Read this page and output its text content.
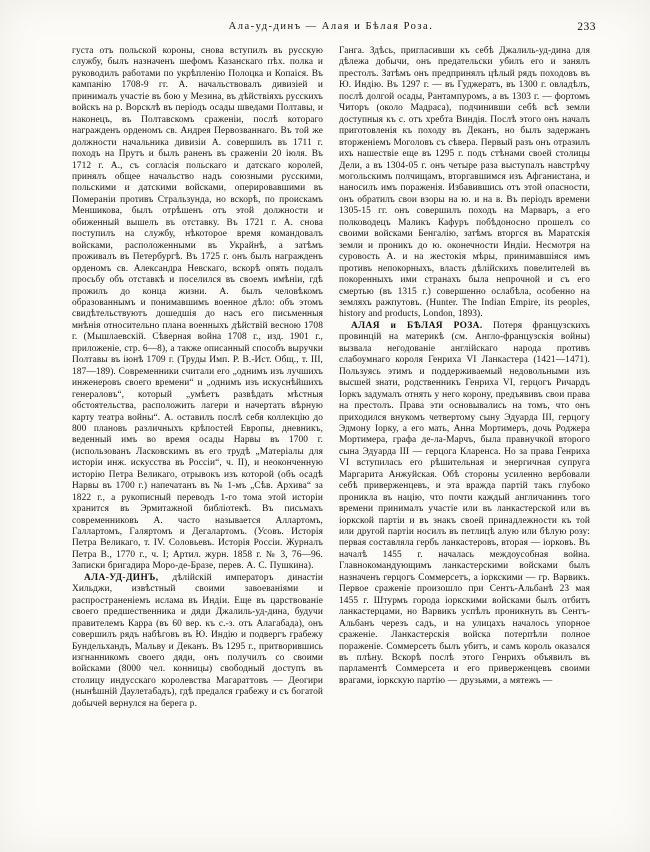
Ала-уд-динъ — Алая и Бѣлая Роза.	233

густа отъ польской короны, снова вступилъ въ русскую службу, былъ назначенъ шефомъ Казанскаго пѣх. полка и руководилъ работами по укрѣпленію Полоцка и Копаіся. Въ кампанію 1708-9 гг. А. начальствовалъ дивизіей и принималъ участіе въ бою у Мезина, въ дѣйствіяхъ русскихъ войскъ на р. Ворсклѣ въ періодъ осады шведами Полтавы, и наконецъ, въ Полтавскомъ сраженіи, послѣ котораго награжденъ орденомъ св. Андрея Первозваннаго. Въ той же должности начальника дивизіи А. совершилъ въ 1711 г. походъ на Прутъ и былъ раненъ въ сраженіи 20 іюля. Въ 1712 г. А., съ согласія польскаго и датскаго королей, принялъ общее начальство надъ союзными русскими, польскими и датскими войсками, оперировавшими въ Помераніи противъ Стральзунда, но вскорѣ, по проискамъ Меншикова, былъ отрѣшенъ отъ этой должности и обиженный вышелъ въ отставку. Въ 1721 г. А. снова поступилъ на службу, нѣкоторое время командовалъ войсками, расположенными въ Украйнѣ, а затѣмъ проживалъ въ Петербургѣ. Въ 1725 г. онъ былъ награжденъ орденомъ св. Александра Невскаго, вскорѣ опять подалъ просьбу объ отставкѣ и поселился въ своемъ имѣніи, гдѣ прожилъ до конца жизни. А. былъ человѣкомъ образованнымъ и понимавшимъ военное дѣло: объ этомъ свидѣтельствуютъ дошедшія до насъ его письменныя мнѣнія относительно плана военныхъ дѣйствій весною 1708 г. (Мышлаевскій. Сѣверная война 1708 г., изд. 1901 г., приложеніе, стр. 6—8), а также описанный способъ выручки Полтавы въ іюнѣ 1709 г. (Труды Имп. Р. В.-Ист. Общ., т. III, 187—189). Современники считали его „однимъ изъ лучшихъ инженеровъ своего времени“ и „однимъ изъ искуснѣйшихъ генераловъ“, который „умѣетъ развѣдать мѣстныя обстоятельства, расположить лагери и начертать вѣрную карту театра войны“. А. оставилъ послѣ себя коллекцію до 800 плановъ различныхъ крѣпостей Европы, дневникъ, веденный имъ во время осады Нарвы въ 1700 г. (использованъ Ласковскимъ въ его трудѣ „Матеріалы для исторіи инж. искусства въ Россіи“, ч. II), и неоконченную исторію Петра Великаго, отрывокъ изъ которой (объ осадѣ Нарвы въ 1700 г.) напечатанъ въ № 1-мъ „Сѣв. Архива“ за 1822 г., а рукописный переводъ 1-го тома этой исторіи хранится въ Эрмитажной библіотекѣ. Въ письмахъ современниковъ А. часто называется Аллартомъ, Галлартомъ, Галяртомъ и Дегалартомъ. (Усовъ. Исторія Петра Великаго, т. IV. Соловьевъ. Исторія Россіи. Журналъ Петра В., 1770 г., ч. I; Артил. журн. 1858 г. № 3, 76—96. Записки бригадира Моро-де-Бразе, перев. А. С. Пушкина).

АЛА-УД-ДИНЪ, дѣлійскій императоръ династіи Хильджи, извѣстный своими завоеваніями и распространеніемъ ислама въ Индіи. Еще въ царствованіе своего предшественника и дяди Джалиль-уд-дина, будучи правителемъ Карра (въ 60 вер. къ с.-з. отъ Алагабада), онъ совершилъ рядъ набѣговъ въ Ю. Индію и подвергъ грабежу Бундельхандъ, Мальву и Деканъ. Въ 1295 г., притворившись изгнанникомъ своего дяди, онъ получилъ со своими войсками (8000 чел. конницы) свободный доступъ въ столицу индусскаго королевства Магараттовъ — Деогири (нынѣшній Даулетабадъ), гдѣ предался грабежу и съ богатой добычей вернулся на берега р.

Ганга. Здѣсь, пригласивши къ себѣ Джалиль-уд-дина для дѣлежа добычи, онъ предательски убилъ его и занялъ престолъ. Затѣмъ онъ предпринялъ цѣлый рядъ походовъ въ Ю. Индію. Въ 1297 г. — въ Гуджератъ, въ 1300 г. овладѣлъ, послѣ долгой осады, Рантампуромъ, а въ 1303 г. — фортомъ Читоръ (около Мадраса), подчинивши себѣ всѣ земли доступныя къ с. отъ хребта Виндія. Послѣ этого онъ началъ приготовленія къ походу въ Деканъ, но былъ задержанъ вторженіемъ Моголовъ съ сѣвера. Первый разъ онъ отразилъ ихъ нашествіе еще въ 1295 г. подъ стѣнами своей столицы Дели, а въ 1304-05 г. онъ четыре раза выступалъ навстрѣчу могольскимъ полчищамъ, вторгавшимся изъ Афганистана, и наносилъ имъ пораженія. Избавившись отъ этой опасности, онъ обратилъ свои взоры на ю. и на в. Въ періодъ времени 1305-15 гг. онъ совершилъ походъ на Марваръ, а его полководецъ Маликъ Кафуръ побѣдоносно прошелъ со своими войсками Бенгалію, затѣмъ вторгся въ Маратскія земли и проникъ до ю. оконечности Индіи. Несмотря на суровость А. и на жестокія мѣры, принимавшіяся имъ противъ непокорныхъ, власть дѣлійскихъ повелителей въ покоренныхъ ими странахъ была непрочной и съ его смертью (въ 1315 г.) совершенно ослабѣла, особенно на земляхъ ражпутовъ. (Hunter. The Indian Empire, its peoples, history and products, London, 1893).

АЛАЯ и БѢЛАЯ РОЗА. Потеря французскихъ провинцій на материкѣ (см. Англо-французскія войны) вызвала негодованіе англійскаго народа противъ слабоумнаго короля Генриха VI Ланкастера (1421—1471). Пользуясь этимъ и поддерживаемый недовольными изъ высшей знати, родственникъ Генриха VI, герцогъ Ричардъ Іоркъ задумалъ отнять у него корону, предъявивъ свои права на престолъ. Права эти основывались на томъ, что онъ приходился внукомъ четвертому сыну Эдуарда III, герцогу Эдмону Іорку, а его мать, Анна Мортимеръ, дочь Роджера Мортимера, графа де-ла-Марчъ, была правнучкой второго сына Эдуарда III — герцога Кларенса. Но за права Генриха VI вступилась его рѣшительная и энергичная супруга Маргарита Анжуйская. Обѣ стороны усиленно вербовали себѣ приверженцевъ, и эта вражда партій такъ глубоко проникла въ націю, что почти каждый англичанинъ того времени принималъ участіе или въ ланкастерской или въ іоркской партіи и въ знакъ своей принадлежности къ той или другой партіи носилъ въ петлицѣ алую или бѣлую розу: первая составляла гербъ ланкастеровъ, вторая — іорковъ. Въ началѣ 1455 г. началась междоусобная война. Главнокомандующимъ ланкастерскими войсками былъ назначенъ герцогъ Соммерсетъ, а іоркскими — гр. Варвикъ. Первое сраженіе произошло при Сентъ-Альбанѣ 23 мая 1455 г. Штурмъ города іоркскими войсками былъ отбитъ ланкастерцами, но Варвикъ успѣлъ проникнуть въ Сентъ-Альбанъ черезъ садъ, и на улицахъ началось упорное сраженіе. Ланкастерскія войска потерпѣли полное пораженіе. Соммерсетъ былъ убитъ, и самъ король оказался въ плѣну. Вскорѣ послѣ этого Генрихъ объявилъ въ парламентѣ Соммерсета и его приверженцевъ своими врагами, іоркскую партію — друзьями, а мятежъ —
